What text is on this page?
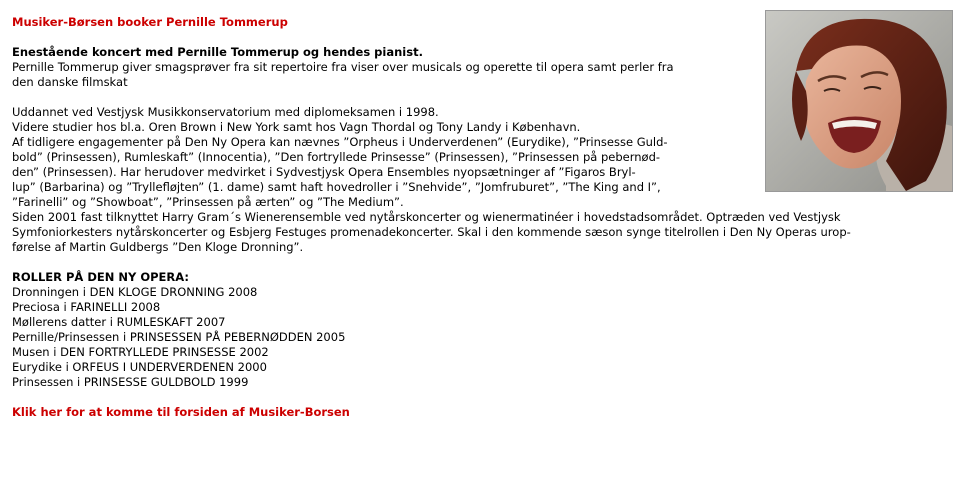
Musiker-Børsen booker Pernille Tommerup
Enestående koncert med Pernille Tommerup og hendes pianist.
Pernille Tommerup giver smagsprøver fra sit repertoire fra viser over musicals og operette til opera samt perler fra
den danske filmskat
Uddannet ved Vestjysk Musikkonservatorium med diplomeksamen i 1998.
Videre studier hos bl.a. Oren Brown i New York samt hos Vagn Thordal og Tony Landy i København.
Af tidligere engagementer på Den Ny Opera kan nævnes ”Orpheus i Underverdenen” (Eurydike), ”Prinsesse Guld-
bold” (Prinsessen), Rumleskaft” (Innocentia), ”Den fortryllede Prinsesse” (Prinsessen), ”Prinsessen på pebernød-
den” (Prinsessen). Har herudover medvirket i Sydvestjysk Opera Ensembles nyopsætninger af ”Figaros Bryl-
lup” (Barbarina) og ”Tryllefløjten” (1. dame) samt haft hovedroller i ”Snehvide”, ”Jomfruburet”, ”The King and I”,
”Farinelli” og ”Showboat”, ”Prinsessen på ærten” og ”The Medium”.
Siden 2001 fast tilknyttet Harry Gram´s Wienerensemble ved nytårskoncerter og wienermatinéer i hovedstadsområdet. Optræden ved Vestjysk
Symfoniorkesters nytårskoncerter og Esbjerg Festuges promenadekoncerter. Skal i den kommende sæson synge titelrollen i Den Ny Operas urop-
førelse af Martin Guldbergs ”Den Kloge Dronning”.
ROLLER PÅ DEN NY OPERA:
Dronningen i DEN KLOGE DRONNING 2008
Preciosa i FARINELLI 2008
Møllerens datter i RUMLESKAFT 2007
Pernille/Prinsessen i PRINSESSEN PÅ PEBERNØDDEN 2005
Musen i DEN FORTRYLLEDE PRINSESSE 2002
Eurydike i ORFEUS I UNDERVERDENEN 2000
Prinsessen i PRINSESSE GULDBOLD 1999
Klik her for at komme til forsiden af Musiker-Borsen
